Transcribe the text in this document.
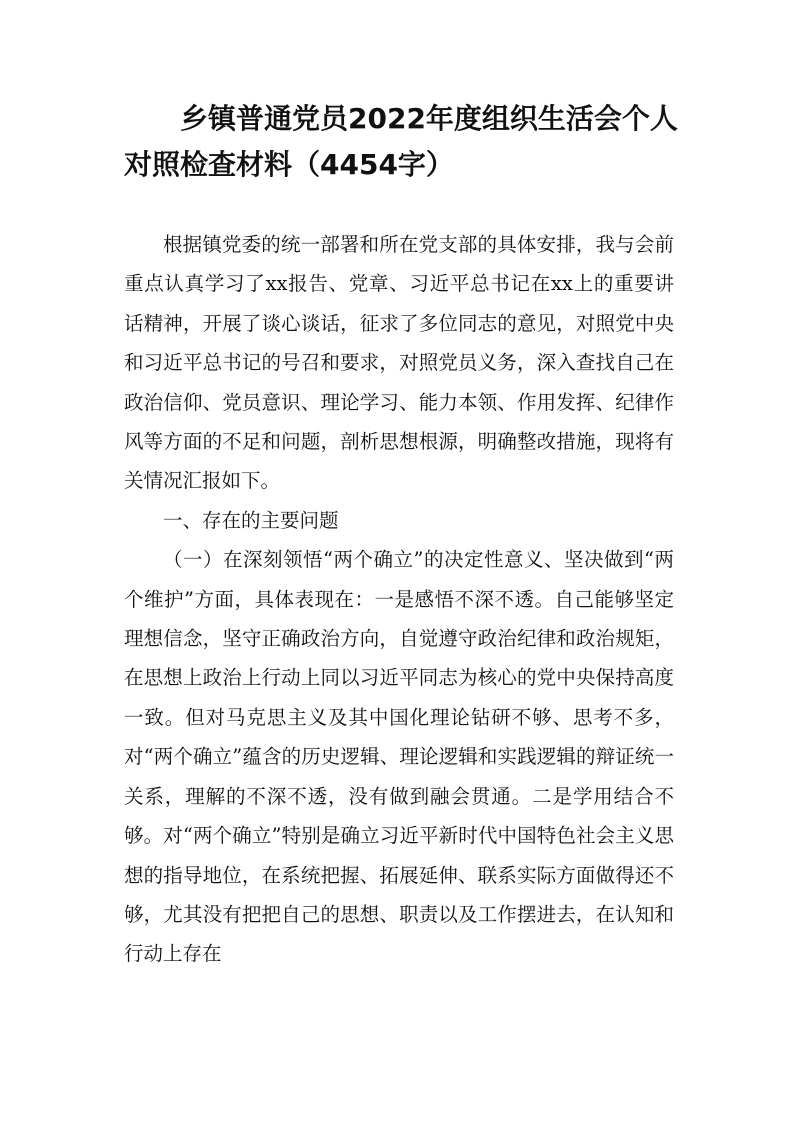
乡镇普通党员2022年度组织生活会个人对照检查材料（4454字）

根据镇党委的统一部署和所在党支部的具体安排，我与会前重点认真学习了xx报告、党章、习近平总书记在xx上的重要讲话精神，开展了谈心谈话，征求了多位同志的意见，对照党中央和习近平总书记的号召和要求，对照党员义务，深入查找自己在政治信仰、党员意识、理论学习、能力本领、作用发挥、纪律作风等方面的不足和问题，剖析思想根源，明确整改措施，现将有关情况汇报如下。

一、存在的主要问题

（一）在深刻领悟“两个确立”的决定性意义、坚决做到“两个维护”方面，具体表现在：一是感悟不深不透。自己能够坚定理想信念，坚守正确政治方向，自觉遵守政治纪律和政治规矩，在思想上政治上行动上同以习近平同志为核心的党中央保持高度一致。但对马克思主义及其中国化理论钻研不够、思考不多，对“两个确立”蕴含的历史逻辑、理论逻辑和实践逻辑的辩证统一关系，理解的不深不透，没有做到融会贯通。二是学用结合不够。对“两个确立”特别是确立习近平新时代中国特色社会主义思想的指导地位，在系统把握、拓展延伸、联系实际方面做得还不够，尤其没有把把自己的思想、职责以及工作摆进去，在认知和行动上存在
